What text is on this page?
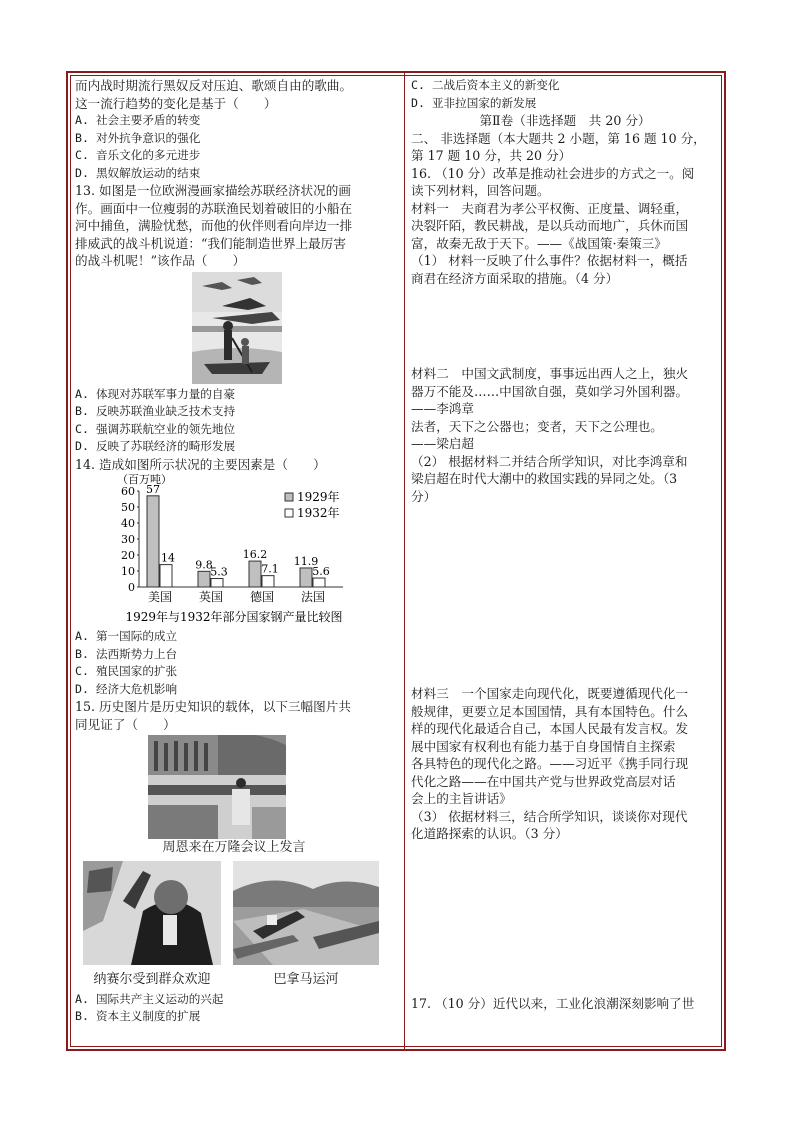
而内战时期流行黑奴反对压迫、歌颂自由的歌曲。

这一流行趋势的变化是基于（　　）

A. 社会主要矛盾的转变

B. 对外抗争意识的强化

C. 音乐文化的多元进步

D. 黑奴解放运动的结束

13. 如图是一位欧洲漫画家描绘苏联经济状况的画

作。画面中一位瘦弱的苏联渔民划着破旧的小船在

河中捕鱼，满脸忧愁，而他的伙伴则看向岸边一排

排威武的战斗机说道：“我们能制造世界上最厉害

的战斗机呢！”该作品（　　）

A. 体现对苏联军事力量的自豪

B. 反映苏联渔业缺乏技术支持

C. 强调苏联航空业的领先地位

D. 反映了苏联经济的畸形发展

14. 造成如图所示状况的主要因素是（　　）

（百万吨）
0
10
20
30
40
50
60 57
14
美国
9.8
5.3
英国
16.2
7.1
德国
11.9
5.6
法国
1929年
1932年
1929年与1932年部分国家钢产量比较图

A. 第一国际的成立

B. 法西斯势力上台

C. 殖民国家的扩张

D. 经济大危机影响

15. 历史图片是历史知识的载体，以下三幅图片共

同见证了（　　）

周恩来在万隆会议上发言

纳赛尔受到群众欢迎	巴拿马运河

A. 国际共产主义运动的兴起

B. 资本主义制度的扩展

C. 二战后资本主义的新变化

D. 亚非拉国家的新发展

第Ⅱ卷（非选择题　共 20 分）

二、 非选择题（本大题共 2 小题，第 16 题 10 分，

第 17 题 10 分，共 20 分）

16. （10 分）改革是推动社会进步的方式之一。阅

读下列材料，回答问题。

材料一　夫商君为孝公平权衡、正度量、调轻重，

决裂阡陌，教民耕战，是以兵动而地广，兵休而国

富，故秦无敌于天下。——《战国策·秦策三》

（1） 材料一反映了什么事件？依据材料一，概括

商君在经济方面采取的措施。（4 分）

材料二　中国文武制度，事事远出西人之上，独火

器万不能及……中国欲自强，莫如学习外国利器。

——李鸿章

法者，天下之公器也；变者，天下之公理也。

——梁启超

（2） 根据材料二并结合所学知识，对比李鸿章和

梁启超在时代大潮中的救国实践的异同之处。（3

分）

材料三　一个国家走向现代化，既要遵循现代化一

般规律，更要立足本国国情，具有本国特色。什么

样的现代化最适合自己，本国人民最有发言权。发

展中国家有权利也有能力基于自身国情自主探索

各具特色的现代化之路。——习近平《携手同行现

代化之路——在中国共产党与世界政党高层对话

会上的主旨讲话》

（3） 依据材料三，结合所学知识，谈谈你对现代

化道路探索的认识。（3 分）

17. （10 分）近代以来，工业化浪潮深刻影响了世
